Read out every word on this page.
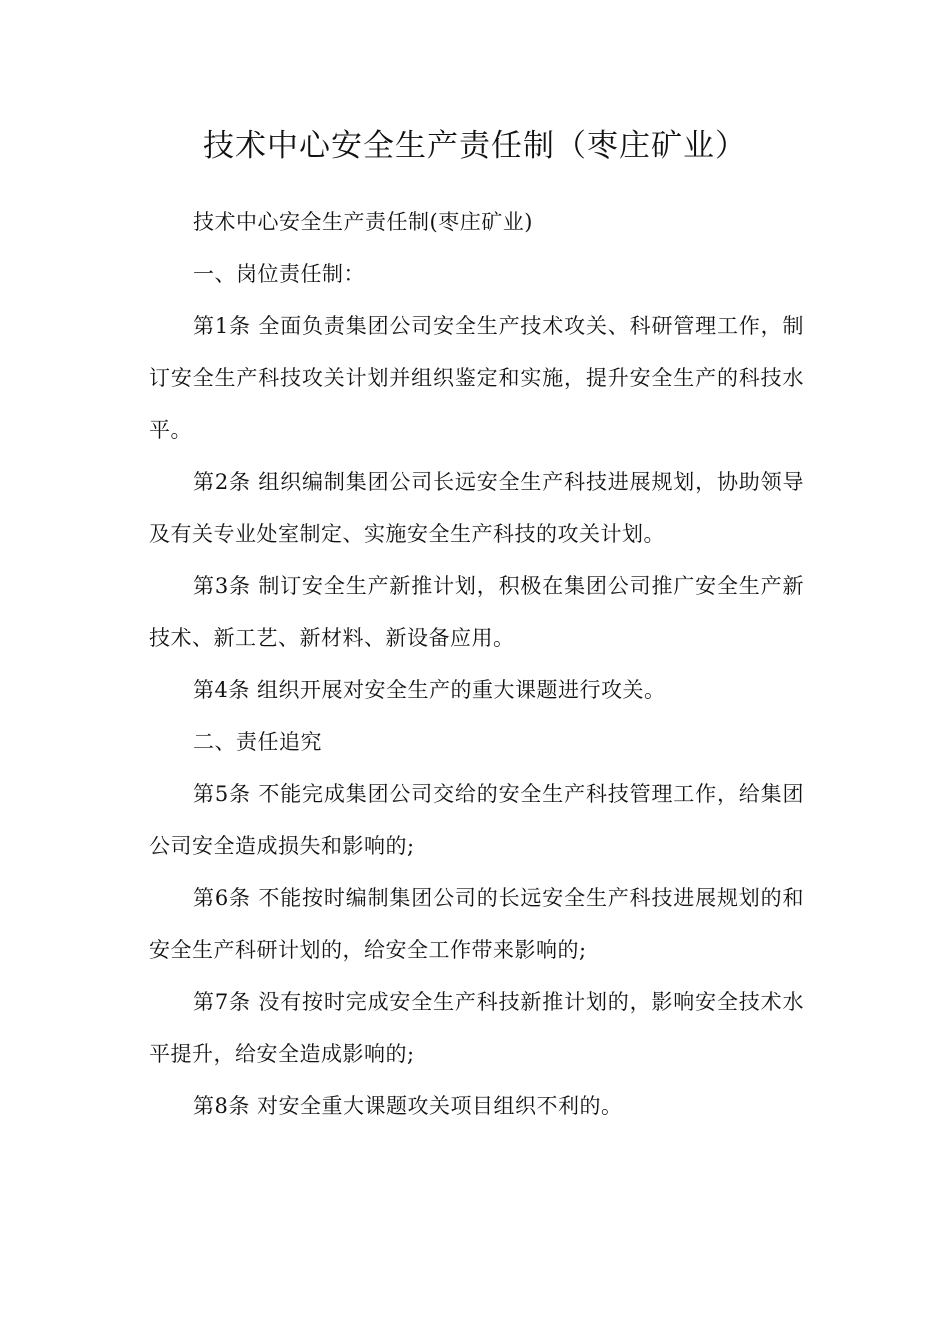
技术中心安全生产责任制（枣庄矿业）

技术中心安全生产责任制(枣庄矿业)

一、岗位责任制：

第1条 全面负责集团公司安全生产技术攻关、科研管理工作，制订安全生产科技攻关计划并组织鉴定和实施，提升安全生产的科技水平。

第2条 组织编制集团公司长远安全生产科技进展规划，协助领导及有关专业处室制定、实施安全生产科技的攻关计划。

第3条 制订安全生产新推计划，积极在集团公司推广安全生产新技术、新工艺、新材料、新设备应用。

第4条 组织开展对安全生产的重大课题进行攻关。

二、责任追究

第5条 不能完成集团公司交给的安全生产科技管理工作，给集团公司安全造成损失和影响的;

第6条 不能按时编制集团公司的长远安全生产科技进展规划的和安全生产科研计划的，给安全工作带来影响的;

第7条 没有按时完成安全生产科技新推计划的，影响安全技术水平提升，给安全造成影响的;

第8条 对安全重大课题攻关项目组织不利的。
